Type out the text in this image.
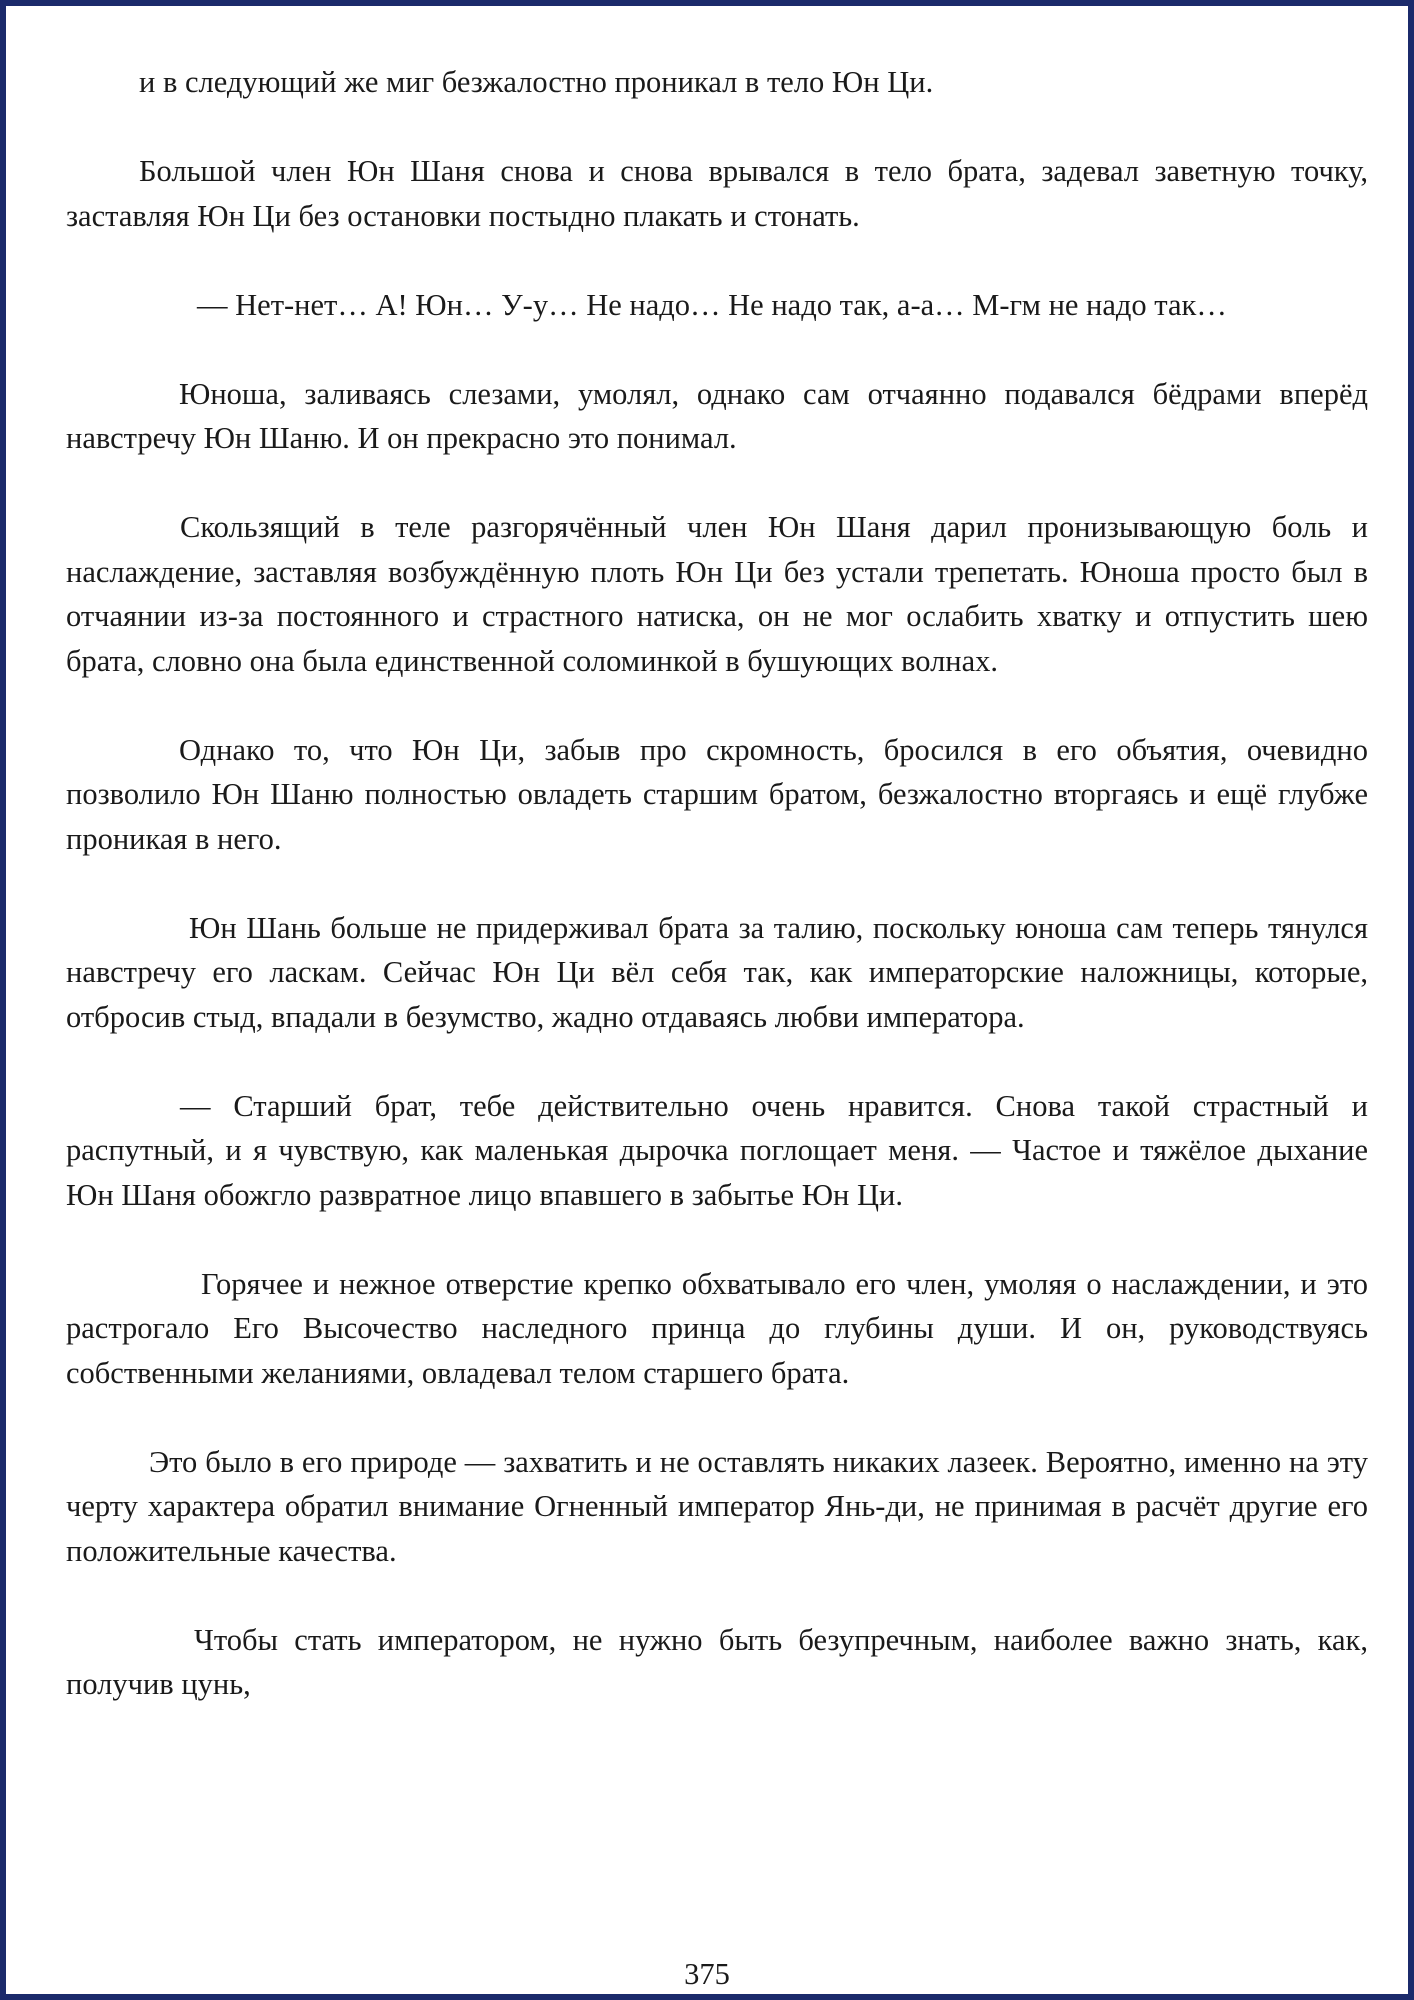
и в следующий же миг безжалостно проникал в тело Юн Ци.

Большой член Юн Шаня снова и снова врывался в тело брата, задевал заветную точку, заставляя Юн Ци без остановки постыдно плакать и стонать.

— Нет-нет… А! Юн… У-у… Не надо… Не надо так, а-а… М-гм не надо так…

Юноша, заливаясь слезами, умолял, однако сам отчаянно подавался бёдрами вперёд навстречу Юн Шаню. И он прекрасно это понимал.

Скользящий в теле разгорячённый член Юн Шаня дарил пронизывающую боль и наслаждение, заставляя возбуждённую плоть Юн Ци без устали трепетать. Юноша просто был в отчаянии из-за постоянного и страстного натиска, он не мог ослабить хватку и отпустить шею брата, словно она была единственной соломинкой в бушующих волнах.

Однако то, что Юн Ци, забыв про скромность, бросился в его объятия, очевидно позволило Юн Шаню полностью овладеть старшим братом, безжалостно вторгаясь и ещё глубже проникая в него.

Юн Шань больше не придерживал брата за талию, поскольку юноша сам теперь тянулся навстречу его ласкам. Сейчас Юн Ци вёл себя так, как императорские наложницы, которые, отбросив стыд, впадали в безумство, жадно отдаваясь любви императора.

— Старший брат, тебе действительно очень нравится. Снова такой страстный и распутный, и я чувствую, как маленькая дырочка поглощает меня. — Частое и тяжёлое дыхание Юн Шаня обожгло развратное лицо впавшего в забытье Юн Ци.

Горячее и нежное отверстие крепко обхватывало его член, умоляя о наслаждении, и это растрогало Его Высочество наследного принца до глубины души. И он, руководствуясь собственными желаниями, овладевал телом старшего брата.

Это было в его природе — захватить и не оставлять никаких лазеек. Вероятно, именно на эту черту характера обратил внимание Огненный император Янь-ди, не принимая в расчёт другие его положительные качества.

Чтобы стать императором, не нужно быть безупречным, наиболее важно знать, как, получив цунь,

375
